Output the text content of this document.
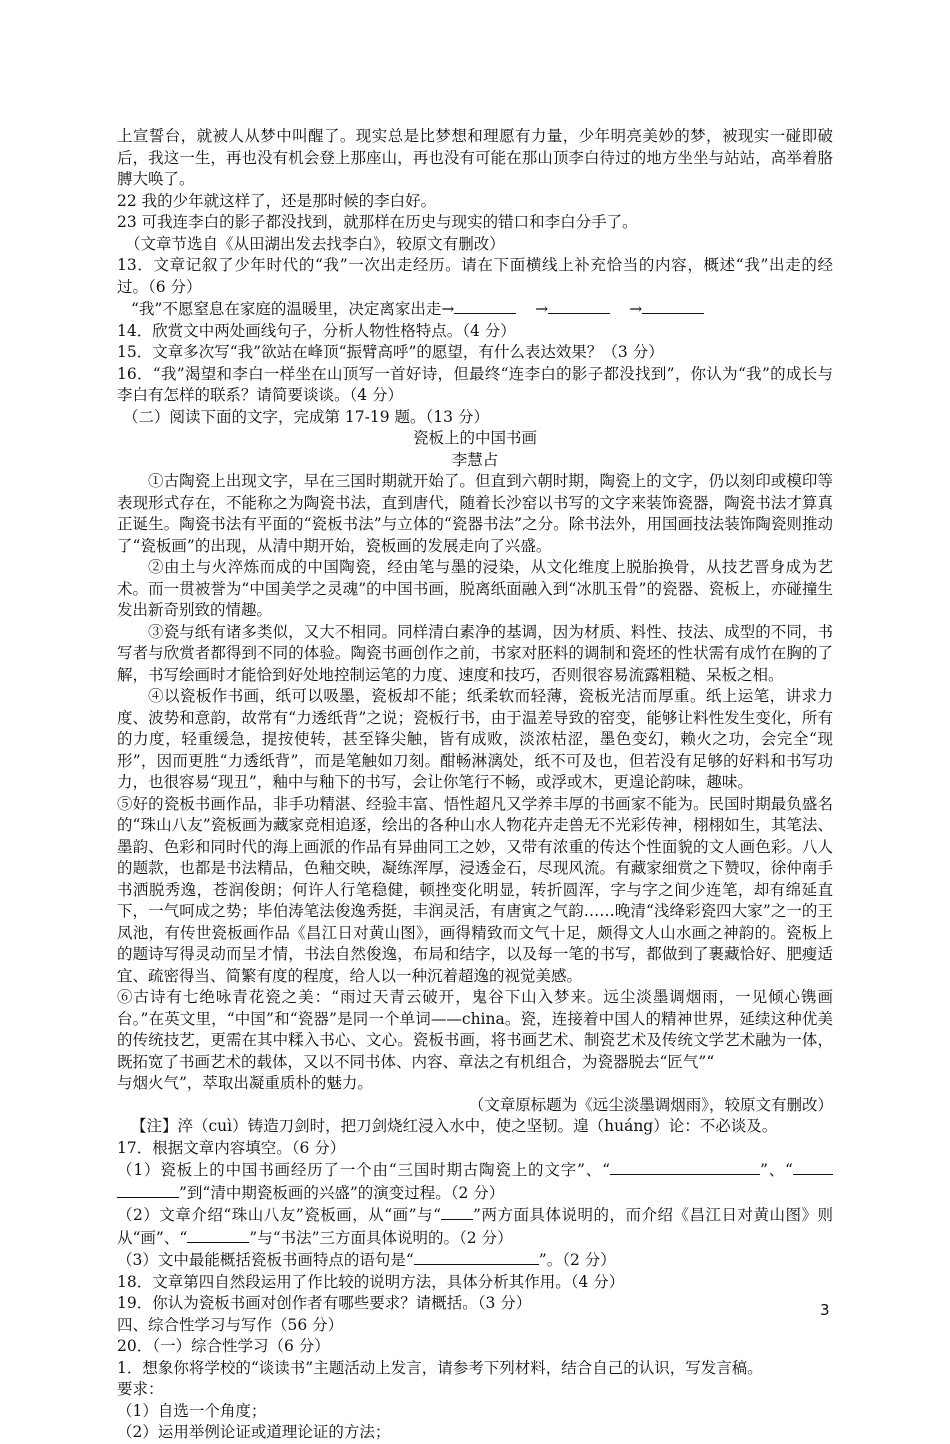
上宣誓台，就被人从梦中叫醒了。现实总是比梦想和理愿有力量，少年明亮美妙的梦，被现实一碰即破后，我这一生，再也没有机会登上那座山，再也没有可能在那山顶李白待过的地方坐坐与站站，高举着胳膊大唤了。

22 我的少年就这样了，还是那时候的李白好。
23 可我连李白的影子都没找到，就那样在历史与现实的错口和李白分手了。
（文章节选自《从田湖出发去找李白》，较原文有删改）

13．文章记叙了少年时代的“我”一次出走经历。请在下面横线上补充恰当的内容，概述“我”出走的经过。（6 分）

“我”不愿窒息在家庭的温暖里，决定离家出走→	→	→
14．欣赏文中两处画线句子，分析人物性格特点。（4 分）
15．文章多次写“我”欲站在峰顶“振臂高呼”的愿望，有什么表达效果？（3 分）

16．“我”渴望和李白一样坐在山顶写一首好诗，但最终“连李白的影子都没找到”，你认为“我”的成长与李白有怎样的联系？请简要谈谈。（4 分）

（二）阅读下面的文字，完成第 17-19 题。（13 分）
瓷板上的中国书画
李慧占

①古陶瓷上出现文字，早在三国时期就开始了。但直到六朝时期，陶瓷上的文字，仍以刻印或模印等表现形式存在，不能称之为陶瓷书法，直到唐代，随着长沙窑以书写的文字来装饰瓷器，陶瓷书法才算真正诞生。陶瓷书法有平面的“瓷板书法”与立体的“瓷器书法”之分。除书法外，用国画技法装饰陶瓷则推动了“瓷板画”的出现，从清中期开始，瓷板画的发展走向了兴盛。

②由土与火淬炼而成的中国陶瓷，经由笔与墨的浸染，从文化维度上脱胎换骨，从技艺晋身成为艺术。而一贯被誉为“中国美学之灵魂”的中国书画，脱离纸面融入到“冰肌玉骨”的瓷器、瓷板上，亦碰撞生发出新奇别致的情趣。

③瓷与纸有诸多类似，又大不相同。同样清白素净的基调，因为材质、料性、技法、成型的不同，书写者与欣赏者都得到不同的体验。陶瓷书画创作之前，书家对胚料的调制和瓷坯的性状需有成竹在胸的了解，书写绘画时才能恰到好处地控制运笔的力度、速度和技巧，否则很容易流露粗糙、呆板之相。

④以瓷板作书画，纸可以吸墨，瓷板却不能；纸柔软而轻薄，瓷板光洁而厚重。纸上运笔，讲求力度、波势和意韵，故常有“力透纸背”之说；瓷板行书，由于温差导致的窑变，能够让料性发生变化，所有的力度，轻重缓急，提按使转，甚至锋尖触，皆有成败，淡浓枯涩，墨色变幻，赖火之功，会完全“现形”，因而更胜“力透纸背”，而是笔触如刀刻。酣畅淋漓处，纸不可及也，但若没有足够的好料和书写功力，也很容易“现丑”，釉中与釉下的书写，会让你笔行不畅，或浮或木，更遑论韵味，趣味。

⑤好的瓷板书画作品，非手功精湛、经验丰富、悟性超凡又学养丰厚的书画家不能为。民国时期最负盛名的“珠山八友”瓷板画为藏家竞相追逐，绘出的各种山水人物花卉走兽无不光彩传神，栩栩如生，其笔法、墨韵、色彩和同时代的海上画派的作品有异曲同工之妙，又带有浓重的传达个性面貌的文人画色彩。八人的题款，也都是书法精品，色釉交映，凝练浑厚，浸透金石，尽现风流。有藏家细赏之下赞叹，徐仲南手书洒脱秀逸，苍润俊朗；何许人行笔稳健，顿挫变化明显，转折圆浑，字与字之间少连笔，却有绵延直下，一气呵成之势；毕伯涛笔法俊逸秀挺，丰润灵活，有唐寅之气韵……晚清“浅绛彩瓷四大家”之一的王凤池，有传世瓷板画作品《昌江日对黄山图》，画得精致而文气十足，颇得文人山水画之神韵的。瓷板上的题诗写得灵动而呈才情，书法自然俊逸，布局和结字，以及每一笔的书写，都做到了裹藏恰好、肥瘦适宜、疏密得当、简繁有度的程度，给人以一种沉着超逸的视觉美感。

⑥古诗有七绝咏青花瓷之美：“雨过天青云破开，鬼谷下山入梦来。远尘淡墨调烟雨，一见倾心镌画台。”在英文里，“中国”和“瓷器”是同一个单词——china。瓷，连接着中国人的精神世界，延续这种优美的传统技艺，更需在其中糅入书心、文心。瓷板书画，将书画艺术、制瓷艺术及传统文学艺术融为一体，既拓宽了书画艺术的载体，又以不同书体、内容、章法之有机组合，为瓷器脱去“匠气”“

与烟火气”，萃取出凝重质朴的魅力。
（文章原标题为《远尘淡墨调烟雨》，较原文有删改）
【注】淬（cuì）铸造刀剑时，把刀剑烧红浸入水中，使之坚韧。遑（huáng）论：不必谈及。
17．根据文章内容填空。（6 分）

（1）瓷板上的中国书画经历了一个由“三国时期古陶瓷上的文字”、“	”、“”到“清中期瓷板画的兴盛”的演变过程。（2 分）

（2）文章介绍“珠山八友”瓷板画，从“画”与“ ”两方面具体说明的，而介绍《昌江日对黄山图》则从“画”、“	”与“书法”三方面具体说明的。（2 分）

（3）文中最能概括瓷板书画特点的语句是“	”。（2 分）
18．文章第四自然段运用了作比较的说明方法，具体分析其作用。（4 分）
19．你认为瓷板书画对创作者有哪些要求？请概括。（3 分）
四、综合性学习与写作（56 分）
20．（一）综合性学习（6 分）
1．想象你将学校的“谈读书”主题活动上发言，请参考下列材料，结合自己的认识，写发言稿。
要求：
（1）自选一个角度；
（2）运用举例论证或道理论证的方法；
3
